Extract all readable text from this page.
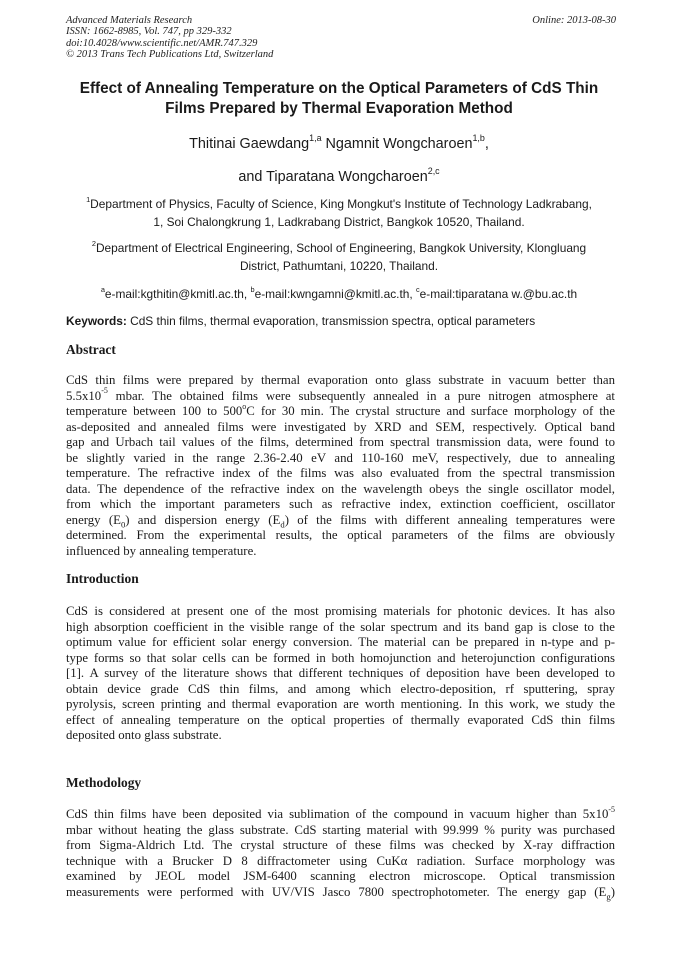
Advanced Materials Research
ISSN: 1662-8985, Vol. 747, pp 329-332
doi:10.4028/www.scientific.net/AMR.747.329
© 2013 Trans Tech Publications Ltd, Switzerland
Online: 2013-08-30
Effect of Annealing Temperature on the Optical Parameters of CdS Thin
Films Prepared by Thermal Evaporation Method
Thitinai Gaewdang$^{1,a}$ Ngamnit Wongcharoen$^{1,b}$,
and Tiparatana Wongcharoen$^{2,c}$
$^1$Department of Physics, Faculty of Science, King Mongkut's Institute of Technology Ladkrabang,
1, Soi Chalongkrung 1, Ladkrabang District, Bangkok 10520, Thailand.
$^2$Department of Electrical Engineering, School of Engineering, Bangkok University, Klongluang
District, Pathumtani, 10220, Thailand.
$^a$e-mail:kgthitin@kmitl.ac.th, $^b$e-mail:kwngamni@kmitl.ac.th, $^c$e-mail:tiparatana w.@bu.ac.th
Keywords: CdS thin films, thermal evaporation, transmission spectra, optical parameters
Abstract
CdS thin films were prepared by thermal evaporation onto glass substrate in vacuum better than
$5.5x10^{-5}$ mbar. The obtained films were subsequently annealed in a pure nitrogen atmosphere at
temperature between 100 to 500$^o$C for 30 min. The crystal structure and surface morphology of the
as-deposited and annealed films were investigated by XRD and SEM, respectively. Optical band
gap and Urbach tail values of the films, determined from spectral transmission data, were found to
be slightly varied in the range 2.36-2.40 eV and 110-160 meV, respectively, due to annealing
temperature. The refractive index of the films was also evaluated from the spectral transmission
data. The dependence of the refractive index on the wavelength obeys the single oscillator model,
from which the important parameters such as refractive index, extinction coefficient, oscillator
energy $(E_0)$ and dispersion energy $(E_d)$ of the films with different annealing temperatures were
determined. From the experimental results, the optical parameters of the films are obviously
influenced by annealing temperature.
Introduction
CdS is considered at present one of the most promising materials for photonic devices. It has also
high absorption coefficient in the visible range of the solar spectrum and its band gap is close to the
optimum value for efficient solar energy conversion. The material can be prepared in n-type and p-
type forms so that solar cells can be formed in both homojunction and heterojunction configurations
[1]. A survey of the literature shows that different techniques of deposition have been developed to
obtain device grade CdS thin films, and among which electro-deposition, rf sputtering, spray
pyrolysis, screen printing and thermal evaporation are worth mentioning. In this work, we study the
effect of annealing temperature on the optical properties of thermally evaporated CdS thin films
deposited onto glass substrate.
Methodology
CdS thin films have been deposited via sublimation of the compound in vacuum higher than $5x10^{-5}$
mbar without heating the glass substrate. CdS starting material with 99.999 % purity was purchased
from Sigma-Aldrich Ltd. The crystal structure of these films was checked by X-ray diffraction
technique with a Brucker D 8 diffractometer using CuKα radiation. Surface morphology was
examined by JEOL model JSM-6400 scanning electron microscope. Optical transmission
measurements were performed with UV/VIS Jasco 7800 spectrophotometer. The energy gap $(E_g)$
